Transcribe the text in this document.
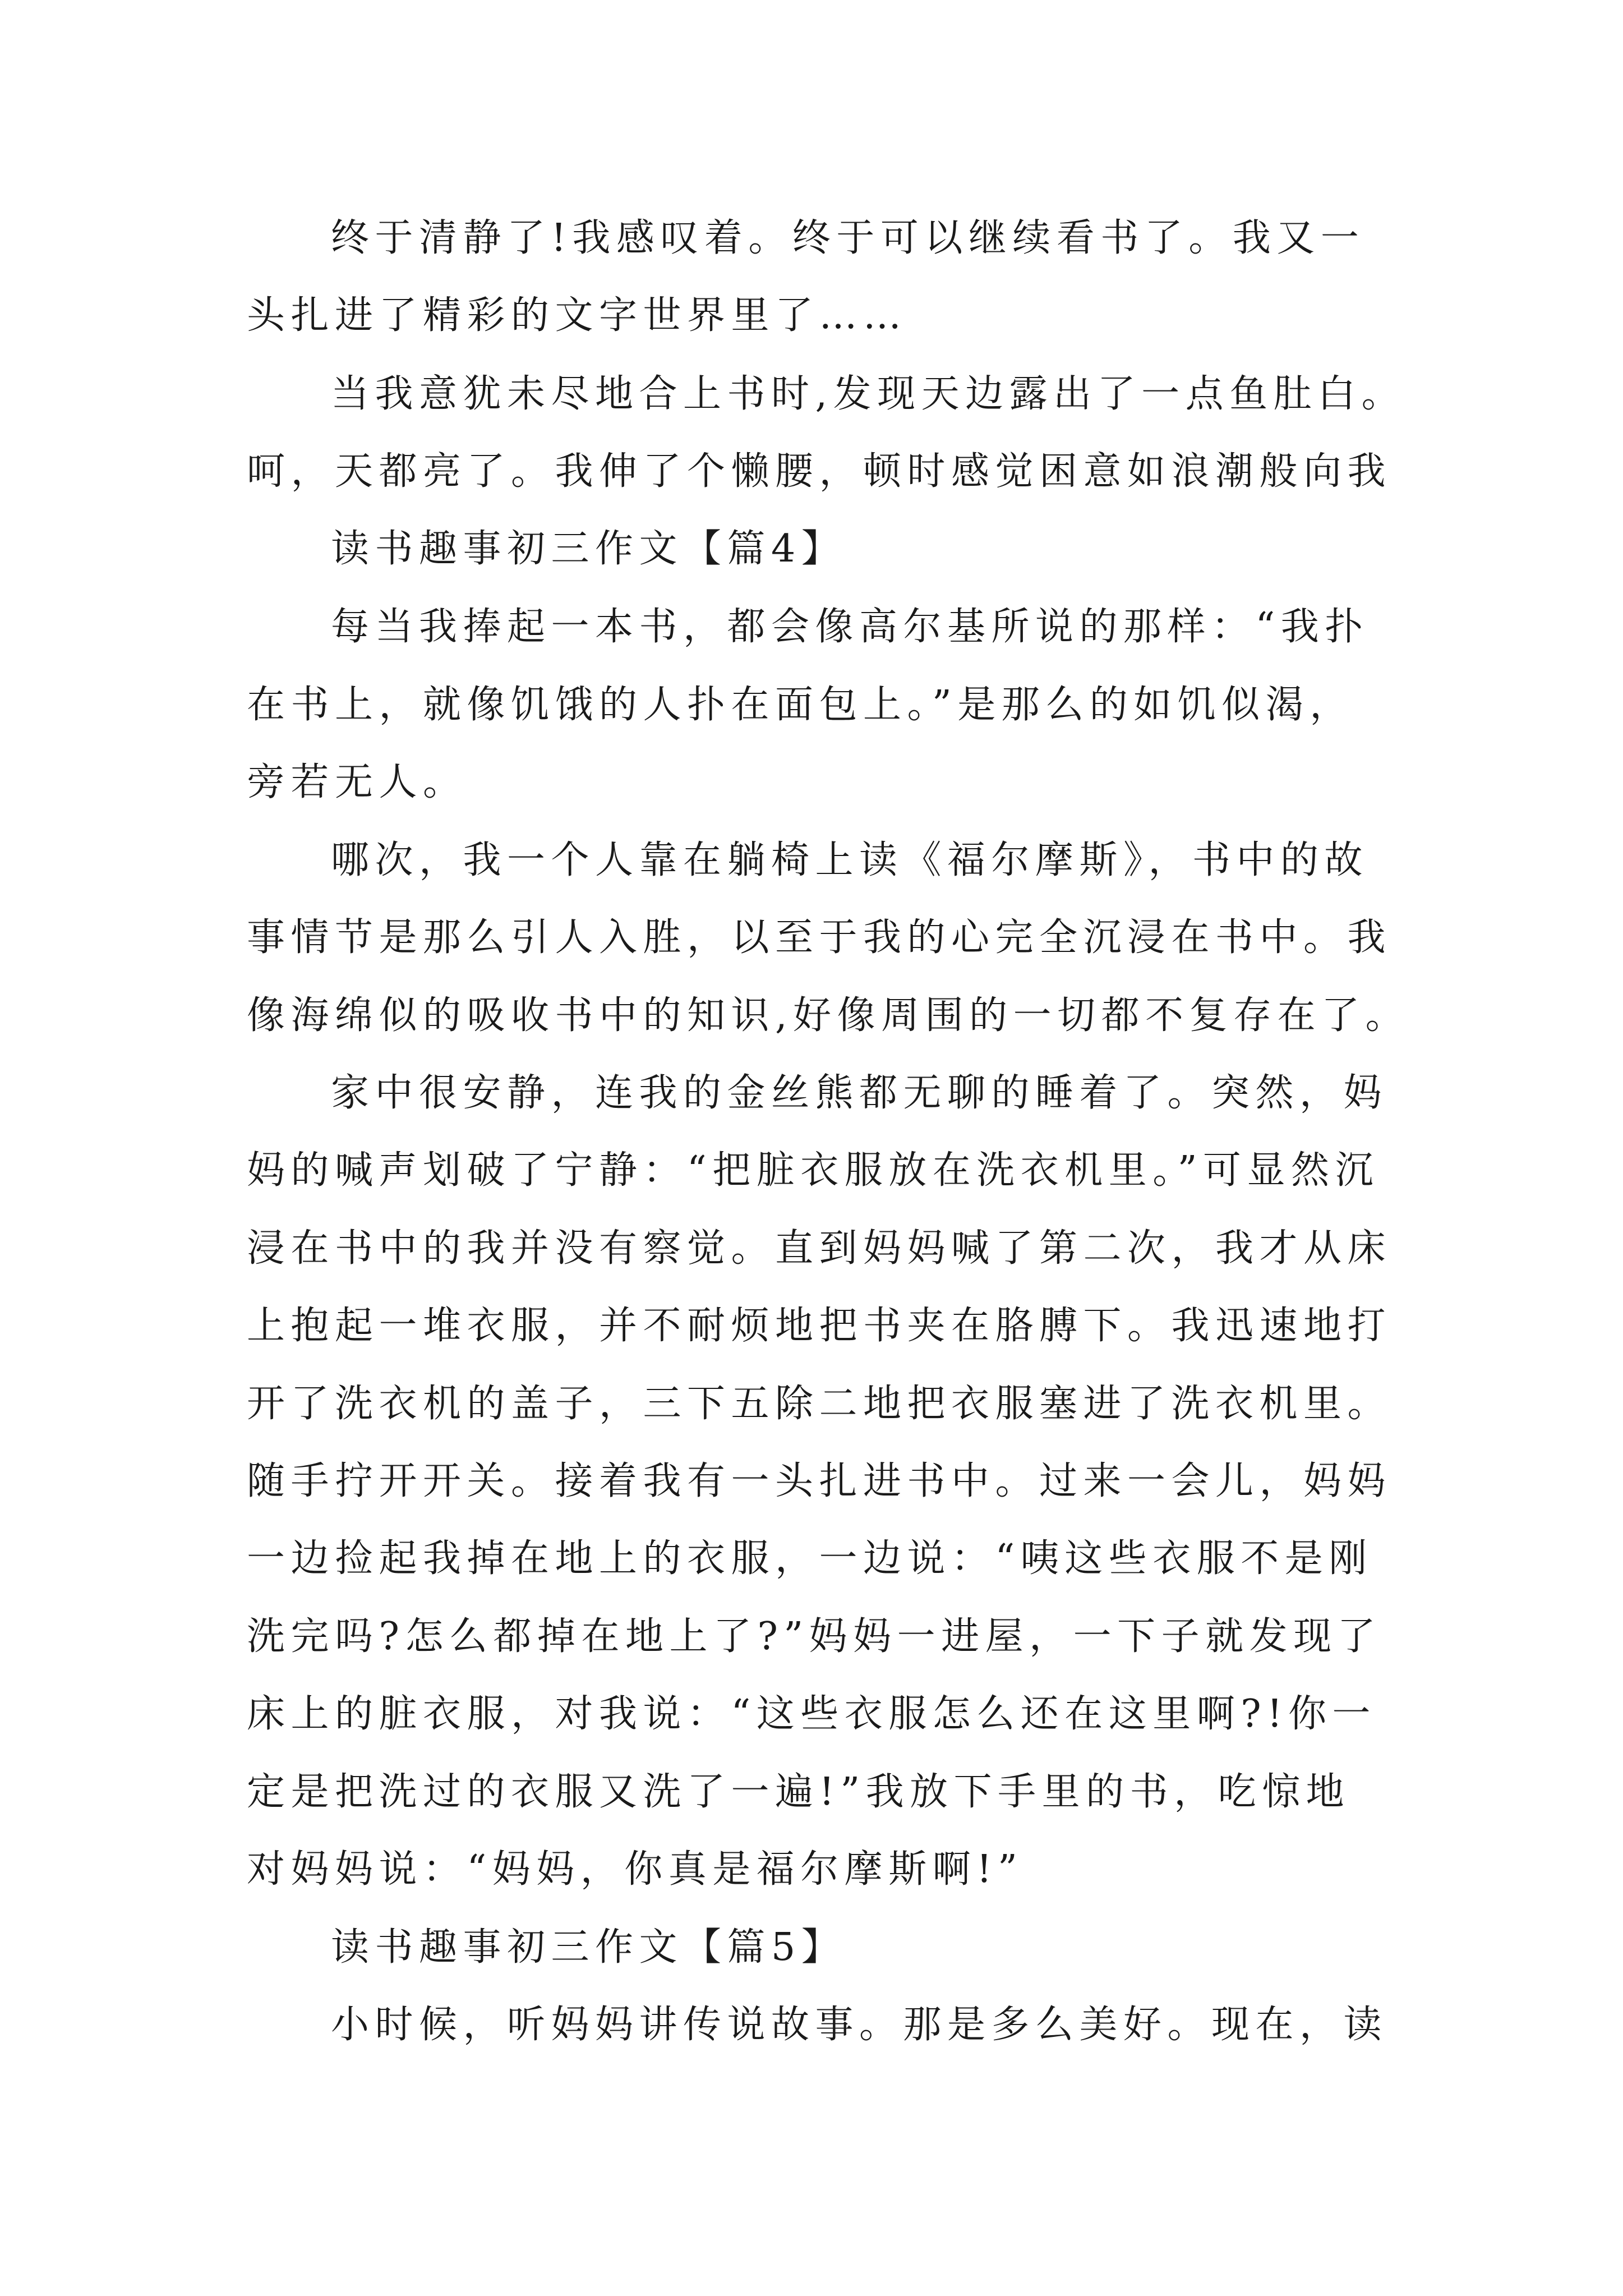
终于清静了!我感叹着。终于可以继续看书了。我又一
头扎进了精彩的文字世界里了……
当我意犹未尽地合上书时,发现天边露出了一点鱼肚白。
呵，天都亮了。我伸了个懒腰，顿时感觉困意如浪潮般向我
读书趣事初三作文【篇4】
每当我捧起一本书，都会像高尔基所说的那样：“我扑
在书上，就像饥饿的人扑在面包上。”是那么的如饥似渴，
旁若无人。
哪次，我一个人靠在躺椅上读《福尔摩斯》，书中的故
事情节是那么引人入胜，以至于我的心完全沉浸在书中。我
像海绵似的吸收书中的知识,好像周围的一切都不复存在了。
家中很安静，连我的金丝熊都无聊的睡着了。突然，妈
妈的喊声划破了宁静：“把脏衣服放在洗衣机里。”可显然沉
浸在书中的我并没有察觉。直到妈妈喊了第二次，我才从床
上抱起一堆衣服，并不耐烦地把书夹在胳膊下。我迅速地打
开了洗衣机的盖子，三下五除二地把衣服塞进了洗衣机里。
随手拧开开关。接着我有一头扎进书中。过来一会儿，妈妈
一边捡起我掉在地上的衣服，一边说：“咦这些衣服不是刚
洗完吗?怎么都掉在地上了?”妈妈一进屋，一下子就发现了
床上的脏衣服，对我说：“这些衣服怎么还在这里啊?!你一
定是把洗过的衣服又洗了一遍!”我放下手里的书，吃惊地
对妈妈说：“妈妈，你真是福尔摩斯啊!”
读书趣事初三作文【篇5】
小时候，听妈妈讲传说故事。那是多么美好。现在，读
